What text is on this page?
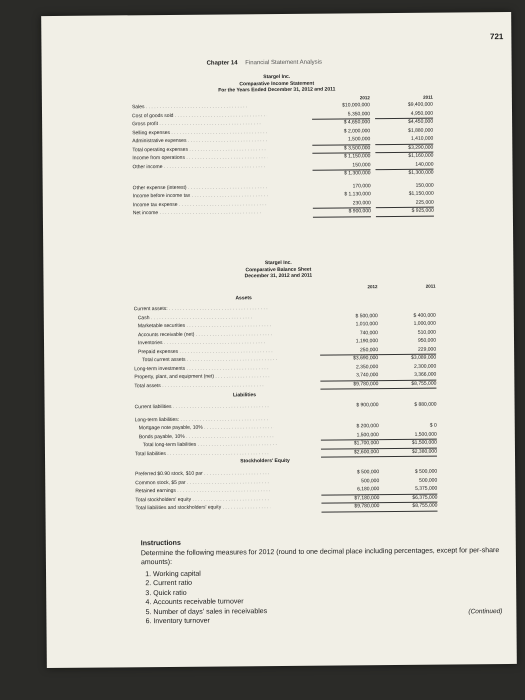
721
Chapter 14 Financial Statement Analysis
Stargel Inc.
Comparative Income Statement
For the Years Ended December 31, 2012 and 2011
2012	2011
Sales . . .	$10,000,000	$9,400,000
Cost of goods sold . . .	5,350,000	4,950,000
Gross profit . . .	$ 4,650,000	$4,450,000
Selling expenses . . .	$ 2,000,000	$1,880,000
Administrative expenses . . .	1,500,000	1,410,000
Total operating expenses . . .	$ 3,500,000	$3,290,000
Income from operations . . .	$ 1,150,000	$1,160,000
Other income . . .	150,000	140,000
$ 1,300,000	$1,300,000
Other expense (interest) . . .	170,000	150,000
Income before income tax . . .	$ 1,130,000	$1,150,000
Income tax expense . . .	230,000	225,000
Net income . . .	$ 900,000	$ 925,000
Stargel Inc.
Comparative Balance Sheet
December 31, 2012 and 2011
2012	2011
Assets
Current assets: . . .
Cash . . .	$ 500,000	$ 400,000
Marketable securities . . .	1,010,000	1,000,000
Accounts receivable (net) . . .	740,000	510,000
Inventories . . .	1,190,000	950,000
Prepaid expenses . . .	250,000	229,000
Total current assets . . .	$3,690,000	$3,089,000
Long-term investments . . .	2,350,000	2,300,000
Property, plant, and equipment (net) . . .	3,740,000	3,366,000
Total assets . . .	$9,780,000	$8,755,000
Liabilities
Current liabilities . . .	$ 900,000	$ 880,000
Long-term liabilities: . . .
Mortgage note payable, 10% . . .	$ 200,000	$ 0
Bonds payable, 10% . . .	1,500,000	1,500,000
Total long-term liabilities . . .	$1,700,000	$1,500,000
Total liabilities . . .	$2,600,000	$2,380,000
Stockholders' Equity
Preferred $0.90 stock, $10 par . . .	$ 500,000	$ 500,000
Common stock, $5 par . . .	500,000	500,000
Retained earnings . . .	6,180,000	5,375,000
Total stockholders' equity . . .	$7,180,000	$6,375,000
Total liabilities and stockholders' equity . . .	$9,780,000	$8,755,000
Instructions
Determine the following measures for 2012 (round to one decimal place including percentages, except for per-share amounts):
1. Working capital
2. Current ratio
3. Quick ratio
4. Accounts receivable turnover
5. Number of days' sales in receivables
6. Inventory turnover
(Continued)
